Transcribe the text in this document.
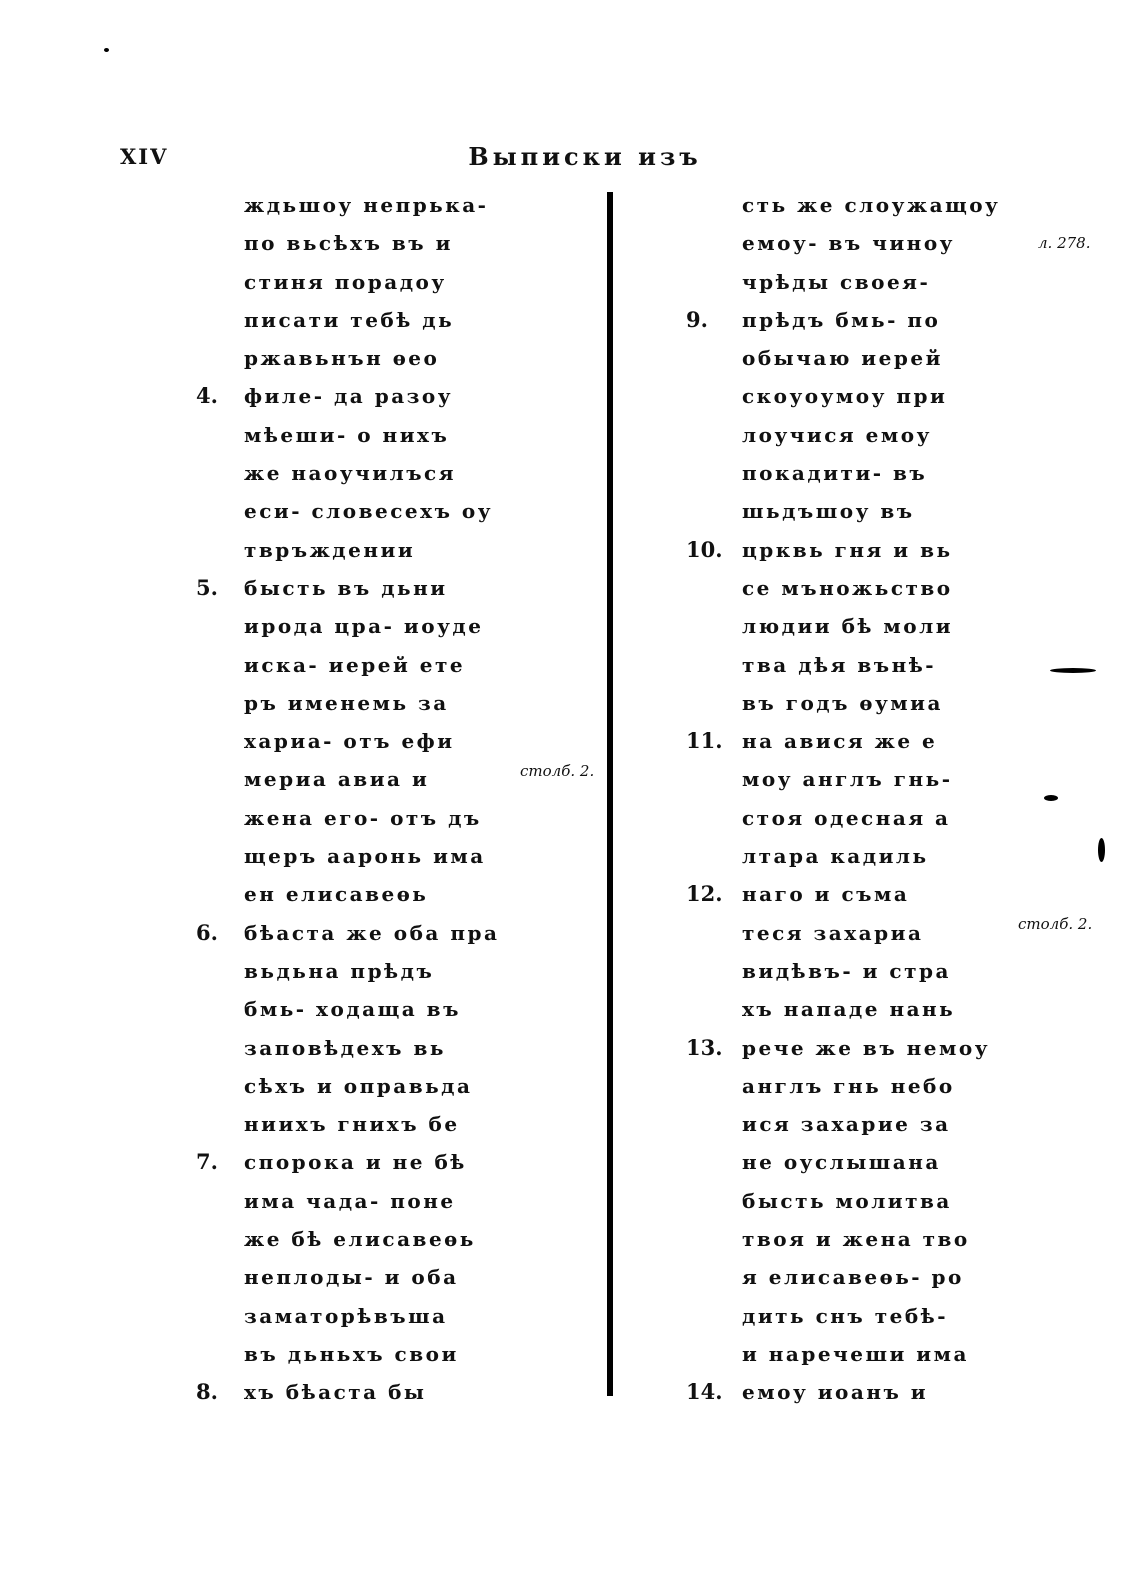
XIV	Выписки изъ
ждьшоу непрька-
по вьсѣхъ въ и
стиня порадоу
писати тебѣ дь
ржавьнън ѳео
4. филе- да разоу
мѣеши- о нихъ
же наоучилъся
еси- словесехъ оу
твръждении
5. бысть въ дьни
ирода цра- иоуде
иска- иерей ете
ръ именемь за
хариа- отъ ефи
мериа авиа и
жена его- отъ дъ
щеръ ааронь има
ен елисавеѳь
6. бѣаста же оба пра
вьдьна прѣдъ
бмь- ходаща въ
заповѣдехъ вь
сѣхъ и оправьда
ниихъ гнихъ бе
7. спорока и не бѣ
има чада- поне
же бѣ елисавеѳь
неплоды- и оба
заматорѣвъша
въ дьньхъ свои
8. хъ бѣаста бы
сть же слоужащоу
емоу- въ чиноу
чрѣды своея-
9. прѣдъ бмь- по
обычаю иерей
скоуоумоу при
лоучися емоу
покадити- въ
шьдъшоу въ
10. црквь гня и вь
се мъножьство
людии бѣ моли
тва дѣя вънѣ-
въ годъ ѳумиа
11. на авися же е
моу англъ гнь-
стоя одесная а
лтара кадиль
12. наго и съма
теся захариа
видѣвъ- и стра
хъ нападе нань
13. рече же въ немоу
англъ гнь небо
ися захарие за
не оуслышана
бысть молитва
твоя и жена тво
я елисавеѳь- ро
дить снъ тебѣ-
и наречеши има
14. емоу иоанъ и
л. 278.
столб. 2.
столб. 2.
